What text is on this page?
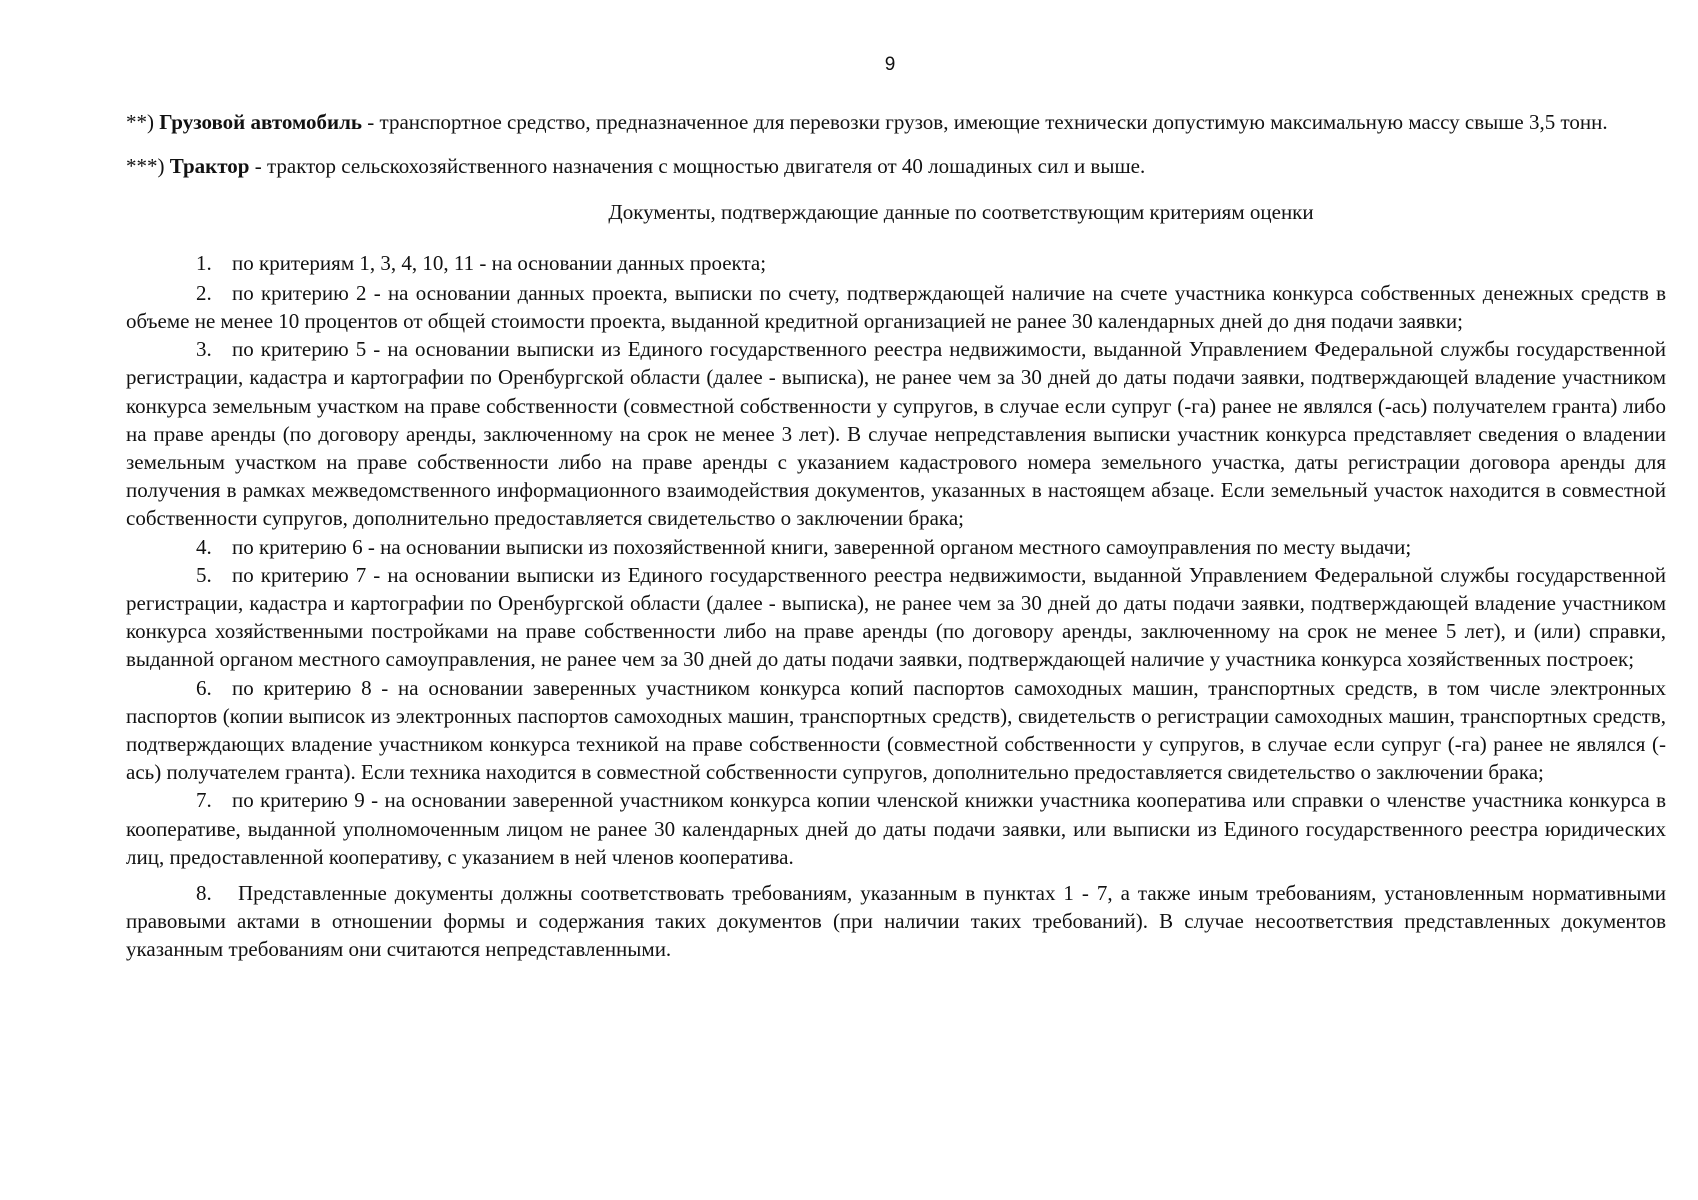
9

**) Грузовой автомобиль - транспортное средство, предназначенное для перевозки грузов, имеющие технически допустимую максимальную массу свыше 3,5 тонн.

***) Трактор - трактор сельскохозяйственного назначения с мощностью двигателя от 40 лошадиных сил и выше.

Документы, подтверждающие данные по соответствующим критериям оценки

1. по критериям 1, 3, 4, 10, 11 - на основании данных проекта;

2. по критерию 2 - на основании данных проекта, выписки по счету, подтверждающей наличие на счете участника конкурса собственных денежных средств в объеме не менее 10 процентов от общей стоимости проекта, выданной кредитной организацией не ранее 30 календарных дней до дня подачи заявки;

3. по критерию 5 - на основании выписки из Единого государственного реестра недвижимости, выданной Управлением Федеральной службы государственной регистрации, кадастра и картографии по Оренбургской области (далее - выписка), не ранее чем за 30 дней до даты подачи заявки, подтверждающей владение участником конкурса земельным участком на праве собственности (совместной собственности у супругов, в случае если супруг (-га) ранее не являлся (-ась) получателем гранта) либо на праве аренды (по договору аренды, заключенному на срок не менее 3 лет). В случае непредставления выписки участник конкурса представляет сведения о владении земельным участком на праве собственности либо на праве аренды с указанием кадастрового номера земельного участка, даты регистрации договора аренды для получения в рамках межведомственного информационного взаимодействия документов, указанных в настоящем абзаце. Если земельный участок находится в совместной собственности супругов, дополнительно предоставляется свидетельство о заключении брака;

4. по критерию 6 - на основании выписки из похозяйственной книги, заверенной органом местного самоуправления по месту выдачи;

5. по критерию 7 - на основании выписки из Единого государственного реестра недвижимости, выданной Управлением Федеральной службы государственной регистрации, кадастра и картографии по Оренбургской области (далее - выписка), не ранее чем за 30 дней до даты подачи заявки, подтверждающей владение участником конкурса хозяйственными постройками на праве собственности либо на праве аренды (по договору аренды, заключенному на срок не менее 5 лет), и (или) справки, выданной органом местного самоуправления, не ранее чем за 30 дней до даты подачи заявки, подтверждающей наличие у участника конкурса хозяйственных построек;

6. по критерию 8 - на основании заверенных участником конкурса копий паспортов самоходных машин, транспортных средств, в том числе электронных паспортов (копии выписок из электронных паспортов самоходных машин, транспортных средств), свидетельств о регистрации самоходных машин, транспортных средств, подтверждающих владение участником конкурса техникой на праве собственности (совместной собственности у супругов, в случае если супруг (-га) ранее не являлся (-ась) получателем гранта). Если техника находится в совместной собственности супругов, дополнительно предоставляется свидетельство о заключении брака;

7. по критерию 9 - на основании заверенной участником конкурса копии членской книжки участника кооператива или справки о членстве участника конкурса в кооперативе, выданной уполномоченным лицом не ранее 30 календарных дней до даты подачи заявки, или выписки из Единого государственного реестра юридических лиц, предоставленной кооперативу, с указанием в ней членов кооператива.

8. Представленные документы должны соответствовать требованиям, указанным в пунктах 1 - 7, а также иным требованиям, установленным нормативными правовыми актами в отношении формы и содержания таких документов (при наличии таких требований). В случае несоответствия представленных документов указанным требованиям они считаются непредставленными.
